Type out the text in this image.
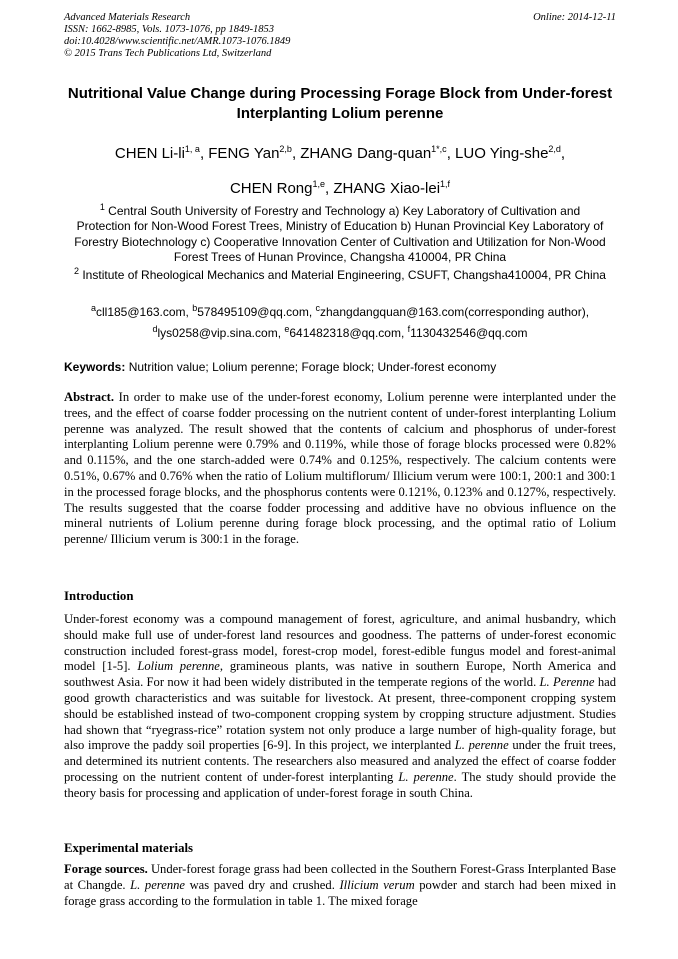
Advanced Materials Research
ISSN: 1662-8985, Vols. 1073-1076, pp 1849-1853
doi:10.4028/www.scientific.net/AMR.1073-1076.1849
© 2015 Trans Tech Publications Ltd, Switzerland
Online: 2014-12-11
Nutritional Value Change during Processing Forage Block from Under-forest Interplanting Lolium perenne
CHEN Li-li$^{1, a}$, FENG Yan$^{2,b}$, ZHANG Dang-quan$^{1*,c}$, LUO Ying-she$^{2,d}$,
CHEN Rong$^{1,e}$, ZHANG Xiao-lei$^{1,f}$
$^1$ Central South University of Forestry and Technology a) Key Laboratory of Cultivation and Protection for Non-Wood Forest Trees, Ministry of Education b) Hunan Provincial Key Laboratory of Forestry Biotechnology c) Cooperative Innovation Center of Cultivation and Utilization for Non-Wood Forest Trees of Hunan Province, Changsha 410004, PR China
$^2$ Institute of Rheological Mechanics and Material Engineering, CSUFT, Changsha410004, PR China
$^a$cll185@163.com, $^b$578495109@qq.com, $^c$zhangdangquan@163.com(corresponding author),
$^d$lys0258@vip.sina.com, $^e$641482318@qq.com, $^f$1130432546@qq.com
Keywords: Nutrition value; Lolium perenne; Forage block; Under-forest economy
Abstract. In order to make use of the under-forest economy, Lolium perenne were interplanted under the trees, and the effect of coarse fodder processing on the nutrient content of under-forest interplanting Lolium perenne was analyzed. The result showed that the contents of calcium and phosphorus of under-forest interplanting Lolium perenne were 0.79% and 0.119%, while those of forage blocks processed were 0.82% and 0.115%, and the one starch-added were 0.74% and 0.125%, respectively. The calcium contents were 0.51%, 0.67% and 0.76% when the ratio of Lolium multiflorum/ Illicium verum were 100:1, 200:1 and 300:1 in the processed forage blocks, and the phosphorus contents were 0.121%, 0.123% and 0.127%, respectively. The results suggested that the coarse fodder processing and additive have no obvious influence on the mineral nutrients of Lolium perenne during forage block processing, and the optimal ratio of Lolium perenne/ Illicium verum is 300:1 in the forage.
Introduction
Under-forest economy was a compound management of forest, agriculture, and animal husbandry, which should make full use of under-forest land resources and goodness. The patterns of under-forest economic construction included forest-grass model, forest-crop model, forest-edible fungus model and forest-animal model [1-5]. Lolium perenne, gramineous plants, was native in southern Europe, North America and southwest Asia. For now it had been widely distributed in the temperate regions of the world. L. Perenne had good growth characteristics and was suitable for livestock. At present, three-component cropping system should be established instead of two-component cropping system by cropping structure adjustment. Studies had shown that “ryegrass-rice” rotation system not only produce a large number of high-quality forage, but also improve the paddy soil properties [6-9]. In this project, we interplanted L. perenne under the fruit trees, and determined its nutrient contents. The researchers also measured and analyzed the effect of coarse fodder processing on the nutrient content of under-forest interplanting L. perenne. The study should provide the theory basis for processing and application of under-forest forage in south China.
Experimental materials
Forage sources. Under-forest forage grass had been collected in the Southern Forest-Grass Interplanted Base at Changde. L. perenne was paved dry and crushed. Illicium verum powder and starch had been mixed in forage grass according to the formulation in table 1. The mixed forage
